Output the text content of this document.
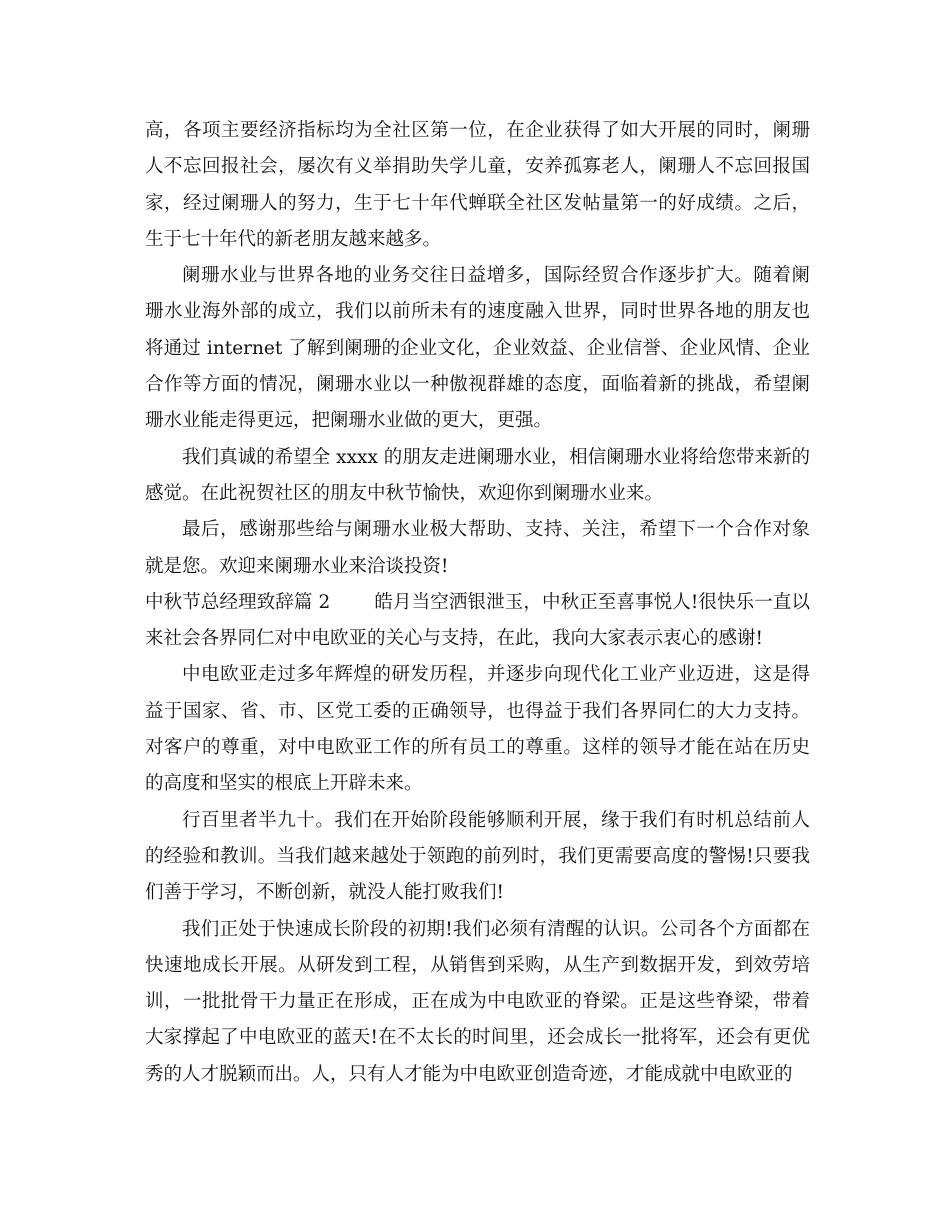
高，各项主要经济指标均为全社区第一位，在企业获得了如大开展的同时，阑珊人不忘回报社会，屡次有义举捐助失学儿童，安养孤寡老人，阑珊人不忘回报国家，经过阑珊人的努力，生于七十年代蝉联全社区发帖量第一的好成绩。之后，生于七十年代的新老朋友越来越多。

阑珊水业与世界各地的业务交往日益增多，国际经贸合作逐步扩大。随着阑珊水业海外部的成立，我们以前所未有的速度融入世界，同时世界各地的朋友也将通过 internet 了解到阑珊的企业文化，企业效益、企业信誉、企业风情、企业合作等方面的情况，阑珊水业以一种傲视群雄的态度，面临着新的挑战，希望阑珊水业能走得更远，把阑珊水业做的更大，更强。

我们真诚的希望全 xxxx 的朋友走进阑珊水业，相信阑珊水业将给您带来新的感觉。在此祝贺社区的朋友中秋节愉快，欢迎你到阑珊水业来。

最后，感谢那些给与阑珊水业极大帮助、支持、关注，希望下一个合作对象就是您。欢迎来阑珊水业来洽谈投资!

中秋节总经理致辞篇 2 皓月当空洒银泄玉，中秋正至喜事悦人!很快乐一直以来社会各界同仁对中电欧亚的关心与支持，在此，我向大家表示衷心的感谢!

中电欧亚走过多年辉煌的研发历程，并逐步向现代化工业产业迈进，这是得益于国家、省、市、区党工委的正确领导，也得益于我们各界同仁的大力支持。对客户的尊重，对中电欧亚工作的所有员工的尊重。这样的领导才能在站在历史的高度和坚实的根底上开辟未来。

行百里者半九十。我们在开始阶段能够顺利开展，缘于我们有时机总结前人的经验和教训。当我们越来越处于领跑的前列时，我们更需要高度的警惕!只要我们善于学习，不断创新，就没人能打败我们!

我们正处于快速成长阶段的初期!我们必须有清醒的认识。公司各个方面都在快速地成长开展。从研发到工程，从销售到采购，从生产到数据开发，到效劳培训，一批批骨干力量正在形成，正在成为中电欧亚的脊梁。正是这些脊梁，带着大家撑起了中电欧亚的蓝天!在不太长的时间里，还会成长一批将军，还会有更优秀的人才脱颖而出。人，只有人才能为中电欧亚创造奇迹，才能成就中电欧亚的
